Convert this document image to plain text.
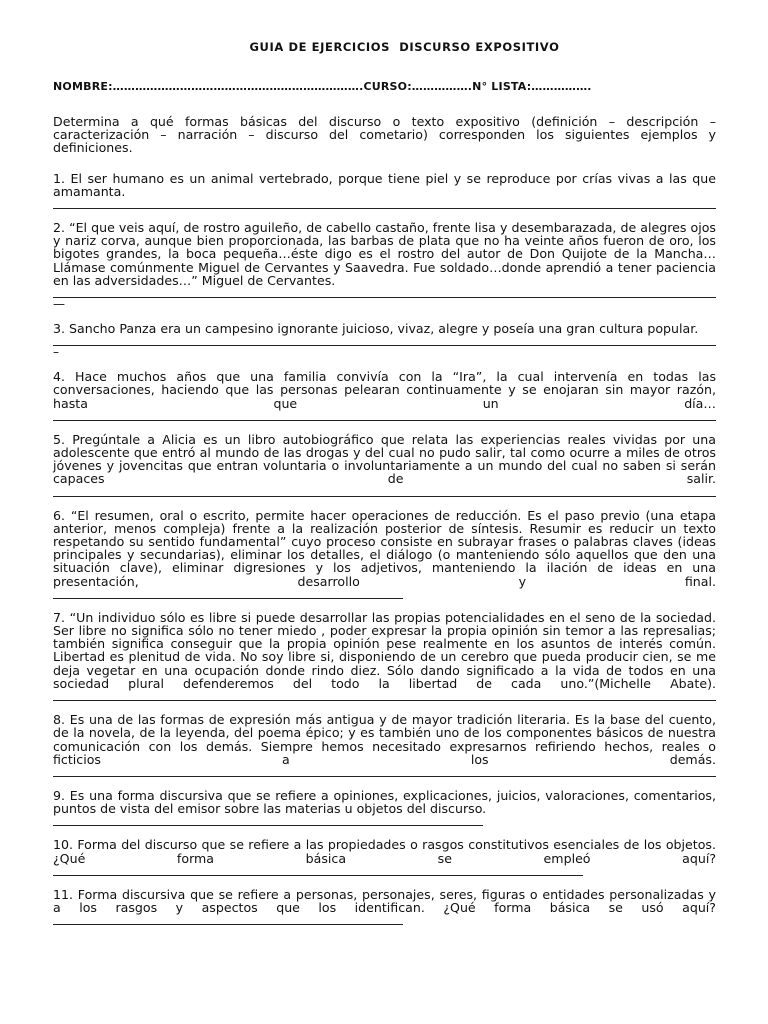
GUIA DE EJERCICIOS  DISCURSO EXPOSITIVO
NOMBRE:………………………………………………………….CURSO:…………….N° LISTA:…………….

Determina a qué formas básicas del discurso o texto expositivo (definición – descripción – caracterización – narración – discurso del cometario) corresponden los siguientes ejemplos y definiciones.

1. El ser humano es un animal vertebrado, porque tiene piel y se reproduce por crías vivas a las que amamanta.
2. “El que veis aquí, de rostro aguileño, de cabello castaño, frente lisa y desembarazada, de alegres ojos y nariz corva, aunque bien proporcionada, las barbas de plata que no ha veinte años fueron de oro, los bigotes grandes, la boca pequeña…éste digo es el rostro del autor de Don Quijote de la Mancha… Llámase comúnmente Miguel de Cervantes y Saavedra. Fue soldado…donde aprendió a tener paciencia en las adversidades…” Miguel de Cervantes.
—
3. Sancho Panza era un campesino ignorante juicioso, vivaz, alegre y poseía una gran cultura popular.
–
4. Hace muchos años que una familia convivía con la “Ira”, la cual intervenía en todas las conversaciones, haciendo que las personas pelearan continuamente y se enojaran sin mayor razón, hasta que un día…
5. Pregúntale a Alicia es un libro autobiográfico que relata las experiencias reales vividas por una adolescente que entró al mundo de las drogas y del cual no pudo salir, tal como ocurre a miles de otros jóvenes y jovencitas que entran voluntaria o involuntariamente a un mundo del cual no saben si serán capaces de salir.
6. “El resumen, oral o escrito, permite hacer operaciones de reducción. Es el paso previo (una etapa anterior, menos compleja) frente a la realización posterior de síntesis. Resumir es reducir un texto respetando su sentido fundamental” cuyo proceso consiste en subrayar frases o palabras claves (ideas principales y secundarias), eliminar los detalles, el diálogo (o manteniendo sólo aquellos que den una situación clave), eliminar digresiones y los adjetivos, manteniendo la ilación de ideas en una presentación, desarrollo y final.
7. “Un individuo sólo es libre si puede desarrollar las propias potencialidades en el seno de la sociedad. Ser libre no significa sólo no tener miedo , poder expresar la propia opinión sin temor a las represalias; también significa conseguir que la propia opinión pese realmente en los asuntos de interés común. Libertad es plenitud de vida. No soy libre si, disponiendo de un cerebro que pueda producir cien, se me deja vegetar en una ocupación donde rindo diez. Sólo dando significado a la vida de todos en una sociedad plural defenderemos del todo la libertad de cada uno.”(Michelle Abate).
8. Es una de las formas de expresión más antigua y de mayor tradición literaria. Es la base del cuento, de la novela, de la leyenda, del poema épico; y es también uno de los componentes básicos de nuestra comunicación con los demás. Siempre hemos necesitado expresarnos refiriendo hechos, reales o ficticios a los demás.
9. Es una forma discursiva que se refiere a opiniones, explicaciones, juicios, valoraciones, comentarios, puntos de vista del emisor sobre las materias u objetos del discurso.
10. Forma del discurso que se refiere a las propiedades o rasgos constitutivos esenciales de los objetos. ¿Qué forma básica se empleó aquí?
11. Forma discursiva que se refiere a personas, personajes, seres, figuras o entidades personalizadas y a los rasgos y aspectos que los identifican. ¿Qué forma básica se usó aquí?
